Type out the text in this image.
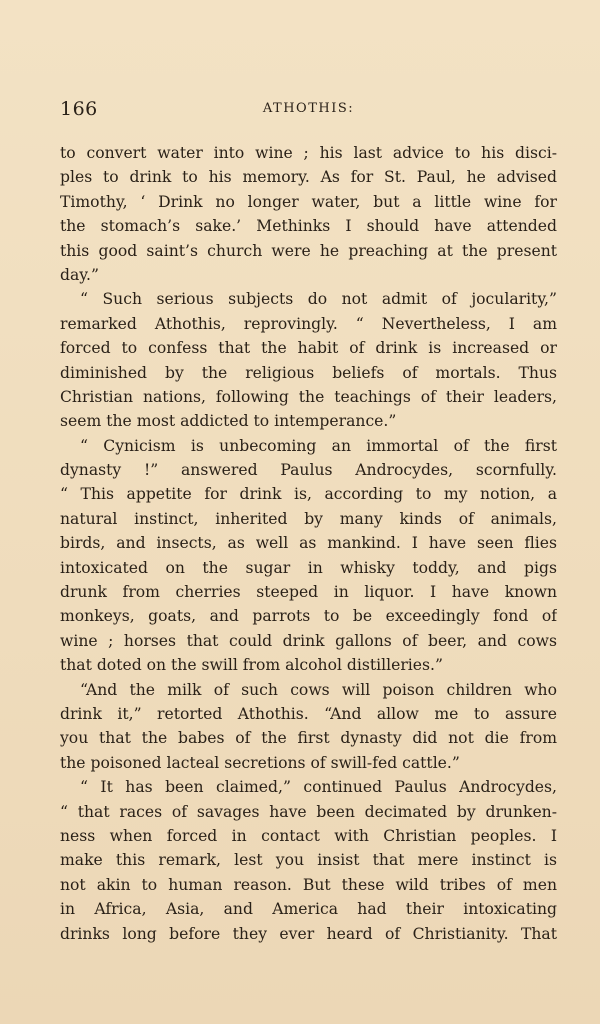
166	ATHOTHIS:
to convert water into wine ; his last advice to his disci-
ples to drink to his memory. As for St. Paul, he advised
Timothy, ‘ Drink no longer water, but a little wine for
the stomach’s sake.’ Methinks I should have attended
this good saint’s church were he preaching at the present
day.”
“ Such serious subjects do not admit of jocularity,”
remarked Athothis, reprovingly. “ Nevertheless, I am
forced to confess that the habit of drink is increased or
diminished by the religious beliefs of mortals. Thus
Christian nations, following the teachings of their leaders,
seem the most addicted to intemperance.”
“ Cynicism is unbecoming an immortal of the first
dynasty !” answered Paulus Androcydes, scornfully.
“ This appetite for drink is, according to my notion, a
natural instinct, inherited by many kinds of animals,
birds, and insects, as well as mankind. I have seen flies
intoxicated on the sugar in whisky toddy, and pigs
drunk from cherries steeped in liquor. I have known
monkeys, goats, and parrots to be exceedingly fond of
wine ; horses that could drink gallons of beer, and cows
that doted on the swill from alcohol distilleries.”
“And the milk of such cows will poison children who
drink it,” retorted Athothis. “And allow me to assure
you that the babes of the first dynasty did not die from
the poisoned lacteal secretions of swill-fed cattle.”
“ It has been claimed,” continued Paulus Androcydes,
“ that races of savages have been decimated by drunken-
ness when forced in contact with Christian peoples. I
make this remark, lest you insist that mere instinct is
not akin to human reason. But these wild tribes of men
in Africa, Asia, and America had their intoxicating
drinks long before they ever heard of Christianity. That
